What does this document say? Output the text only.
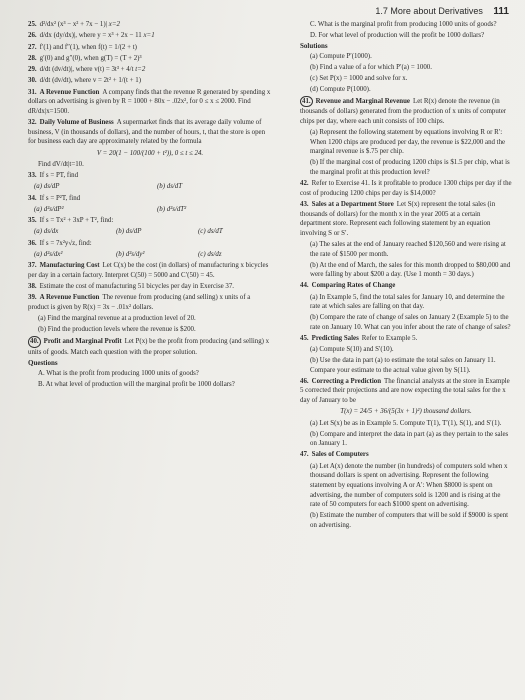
1.7 More about Derivatives 111
25. d²/dx² (x³ − x² + 7x − 1)| x=2
26. d/dx (dy/dx)|, where y = x³ + 2x − 11 x=1
27. f′(1) and f″(1), when f(t) = 1/(2 + t)
28. g′(0) and g″(0), when g(T) = (T + 2)³
29. d/dt (dv/dt)|, where v(t) = 3t³ + 4/t t=2
30. d/dt (dv/dt), where v = 2t² + 1/(t + 1)
31. A Revenue Function A company finds that the revenue R generated by spending x dollars on advertising is given by R = 1000 + 80x − .02x², for 0 ≤ x ≤ 2000. Find dR/dx|x=1500.
32. Daily Volume of Business A supermarket finds that its average daily volume of business, V (in thousands of dollars), and the number of hours, t, that the store is open for business each day are approximately related by the formula
V = 20(1 − 100/(100 + t²)), 0 ≤ t ≤ 24.
Find dV/dt|t=10.
33. If s = PT, find
(a) ds/dP	(b) ds/dT
34. If s = P²T, find
(a) d²s/dP²	(b) d²s/dT²
35. If s = Tx² + 3xP + T², find:
(a) ds/dx	(b) ds/dP	(c) ds/dT
36. If s = 7x²y√z, find:
(a) d²s/dx²	(b) d²s/dy²	(c) ds/dz
37. Manufacturing Cost Let C(x) be the cost (in dollars) of manufacturing x bicycles per day in a certain factory. Interpret C(50) = 5000 and C′(50) = 45.
38. Estimate the cost of manufacturing 51 bicycles per day in Exercise 37.
39. A Revenue Function The revenue from producing (and selling) x units of a product is given by R(x) = 3x − .01x² dollars.
(a) Find the marginal revenue at a production level of 20.
(b) Find the production levels where the revenue is $200.
40. Profit and Marginal Profit Let P(x) be the profit from producing (and selling) x units of goods. Match each question with the proper solution.
Questions
A. What is the profit from producing 1000 units of goods?
B. At what level of production will the marginal profit be 1000 dollars?
C. What is the marginal profit from producing 1000 units of goods?
D. For what level of production will the profit be 1000 dollars?
Solutions
(a) Compute P′(1000).
(b) Find a value of a for which P′(a) = 1000.
(c) Set P(x) = 1000 and solve for x.
(d) Compute P(1000).
41. Revenue and Marginal Revenue Let R(x) denote the revenue (in thousands of dollars) generated from the production of x units of computer chips per day, where each unit consists of 100 chips.
(a) Represent the following statement by equations involving R or R′: When 1200 chips are produced per day, the revenue is $22,000 and the marginal revenue is $.75 per chip.
(b) If the marginal cost of producing 1200 chips is $1.5 per chip, what is the marginal profit at this production level?
42. Refer to Exercise 41. Is it profitable to produce 1300 chips per day if the cost of producing 1200 chips per day is $14,000?
43. Sales at a Department Store Let S(x) represent the total sales (in thousands of dollars) for the month x in the year 2005 at a certain department store. Represent each following statement by an equation involving S or S′.
(a) The sales at the end of January reached $120,560 and were rising at the rate of $1500 per month.
(b) At the end of March, the sales for this month dropped to $80,000 and were falling by about $200 a day. (Use 1 month = 30 days.)
44. Comparing Rates of Change
(a) In Example 5, find the total sales for January 10, and determine the rate at which sales are falling on that day.
(b) Compare the rate of change of sales on January 2 (Example 5) to the rate on January 10. What can you infer about the rate of change of sales?
45. Predicting Sales Refer to Example 5.
(a) Compute S(10) and S′(10).
(b) Use the data in part (a) to estimate the total sales on January 11. Compare your estimate to the actual value given by S(11).
46. Correcting a Prediction The financial analysts at the store in Example 5 corrected their projections and are now expecting the total sales for the x day of January to be
T(x) = 24/5 + 36/(5(3x + 1)²) thousand dollars.
(a) Let S(x) be as in Example 5. Compute T(1), T′(1), S(1), and S′(1).
(b) Compare and interpret the data in part (a) as they pertain to the sales on January 1.
47. Sales of Computers
(a) Let A(x) denote the number (in hundreds) of computers sold when x thousand dollars is spent on advertising. Represent the following statement by equations involving A or A′: When $8000 is spent on advertising, the number of computers sold is 1200 and is rising at the rate of 50 computers for each $1000 spent on advertising.
(b) Estimate the number of computers that will be sold if $9000 is spent on advertising.
